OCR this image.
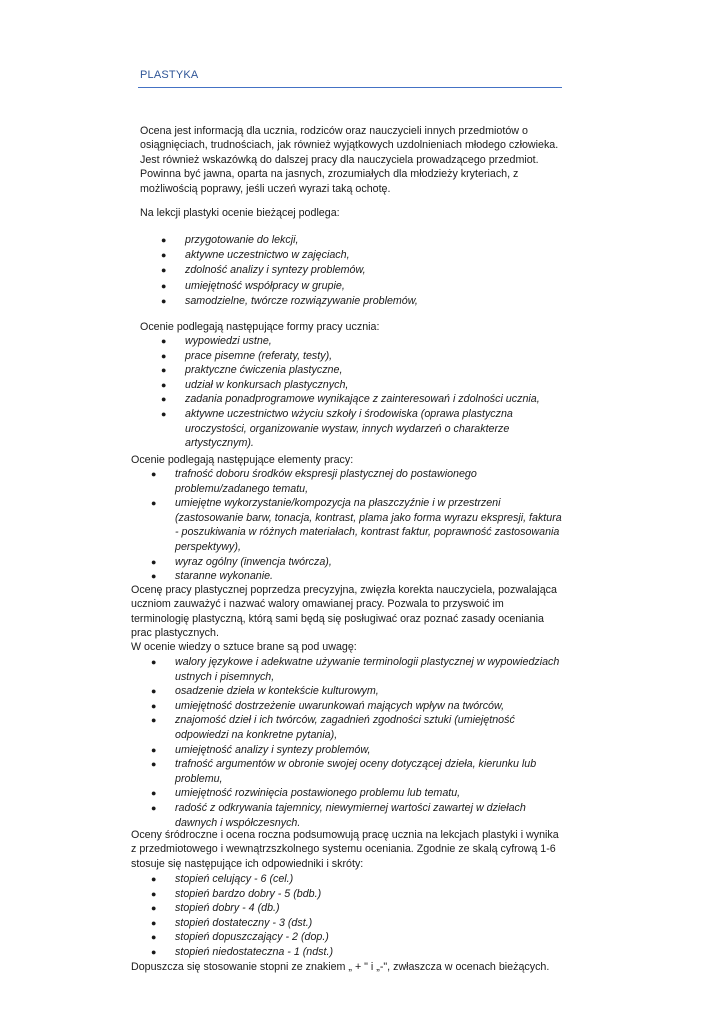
PLASTYKA

Ocena jest informacją dla ucznia, rodziców oraz nauczycieli innych przedmiotów o osiągnięciach, trudnościach, jak również wyjątkowych uzdolnieniach młodego człowieka. Jest również wskazówką do dalszej pracy dla nauczyciela prowadzącego przedmiot. Powinna być jawna, oparta na jasnych, zrozumiałych dla młodzieży kryteriach, z możliwością poprawy, jeśli uczeń wyrazi taką ochotę.

Na lekcji plastyki ocenie bieżącej podlega:

● przygotowanie do lekcji,
● aktywne uczestnictwo w zajęciach,
● zdolność analizy i syntezy problemów,
● umiejętność współpracy w grupie,
● samodzielne, twórcze rozwiązywanie problemów,

Ocenie podlegają następujące formy pracy ucznia:

● wypowiedzi ustne,
● prace pisemne (referaty, testy),
● praktyczne ćwiczenia plastyczne,
● udział w konkursach plastycznych,
● zadania ponadprogramowe wynikające z zainteresowań i zdolności ucznia,
● aktywne uczestnictwo wżyciu szkoły i środowiska (oprawa plastyczna uroczystości, organizowanie wystaw, innych wydarzeń o charakterze artystycznym).

Ocenie podlegają następujące elementy pracy:

● trafność doboru środków ekspresji plastycznej do postawionego problemu/zadanego tematu,
● umiejętne wykorzystanie/kompozycja na płaszczyźnie i w przestrzeni (zastosowanie barw, tonacja, kontrast, plama jako forma wyrazu ekspresji, faktura - poszukiwania w różnych materiałach, kontrast faktur, poprawność zastosowania perspektywy),
● wyraz ogólny (inwencja twórcza),
● staranne wykonanie.

Ocenę pracy plastycznej poprzedza precyzyjna, zwięzła korekta nauczyciela, pozwalająca uczniom zauważyć i nazwać walory omawianej pracy. Pozwala to przyswoić im terminologię plastyczną, którą sami będą się posługiwać oraz poznać zasady oceniania prac plastycznych.

W ocenie wiedzy o sztuce brane są pod uwagę:

● walory językowe i adekwatne używanie terminologii plastycznej w wypowiedziach ustnych i pisemnych,
● osadzenie dzieła w kontekście kulturowym,
● umiejętność dostrzeżenie uwarunkowań mających wpływ na twórców,
● znajomość dzieł i ich twórców, zagadnień zgodności sztuki (umiejętność odpowiedzi na konkretne pytania),
● umiejętność analizy i syntezy problemów,
● trafność argumentów w obronie swojej oceny dotyczącej dzieła, kierunku lub problemu,
● umiejętność rozwinięcia postawionego problemu lub tematu,
● radość z odkrywania tajemnicy, niewymiernej wartości zawartej w dziełach dawnych i współczesnych.

Oceny śródroczne i ocena roczna podsumowują pracę ucznia na lekcjach plastyki i wynika z przedmiotowego i wewnątrzszkolnego systemu oceniania. Zgodnie ze skalą cyfrową 1-6 stosuje się następujące ich odpowiedniki i skróty:

● stopień celujący - 6 (cel.)
● stopień bardzo dobry - 5 (bdb.)
● stopień dobry - 4 (db.)
● stopień dostateczny - 3 (dst.)
● stopień dopuszczający - 2 (dop.)
● stopień niedostateczna - 1 (ndst.)

Dopuszcza się stosowanie stopni ze znakiem „ + " i „-", zwłaszcza w ocenach bieżących.
